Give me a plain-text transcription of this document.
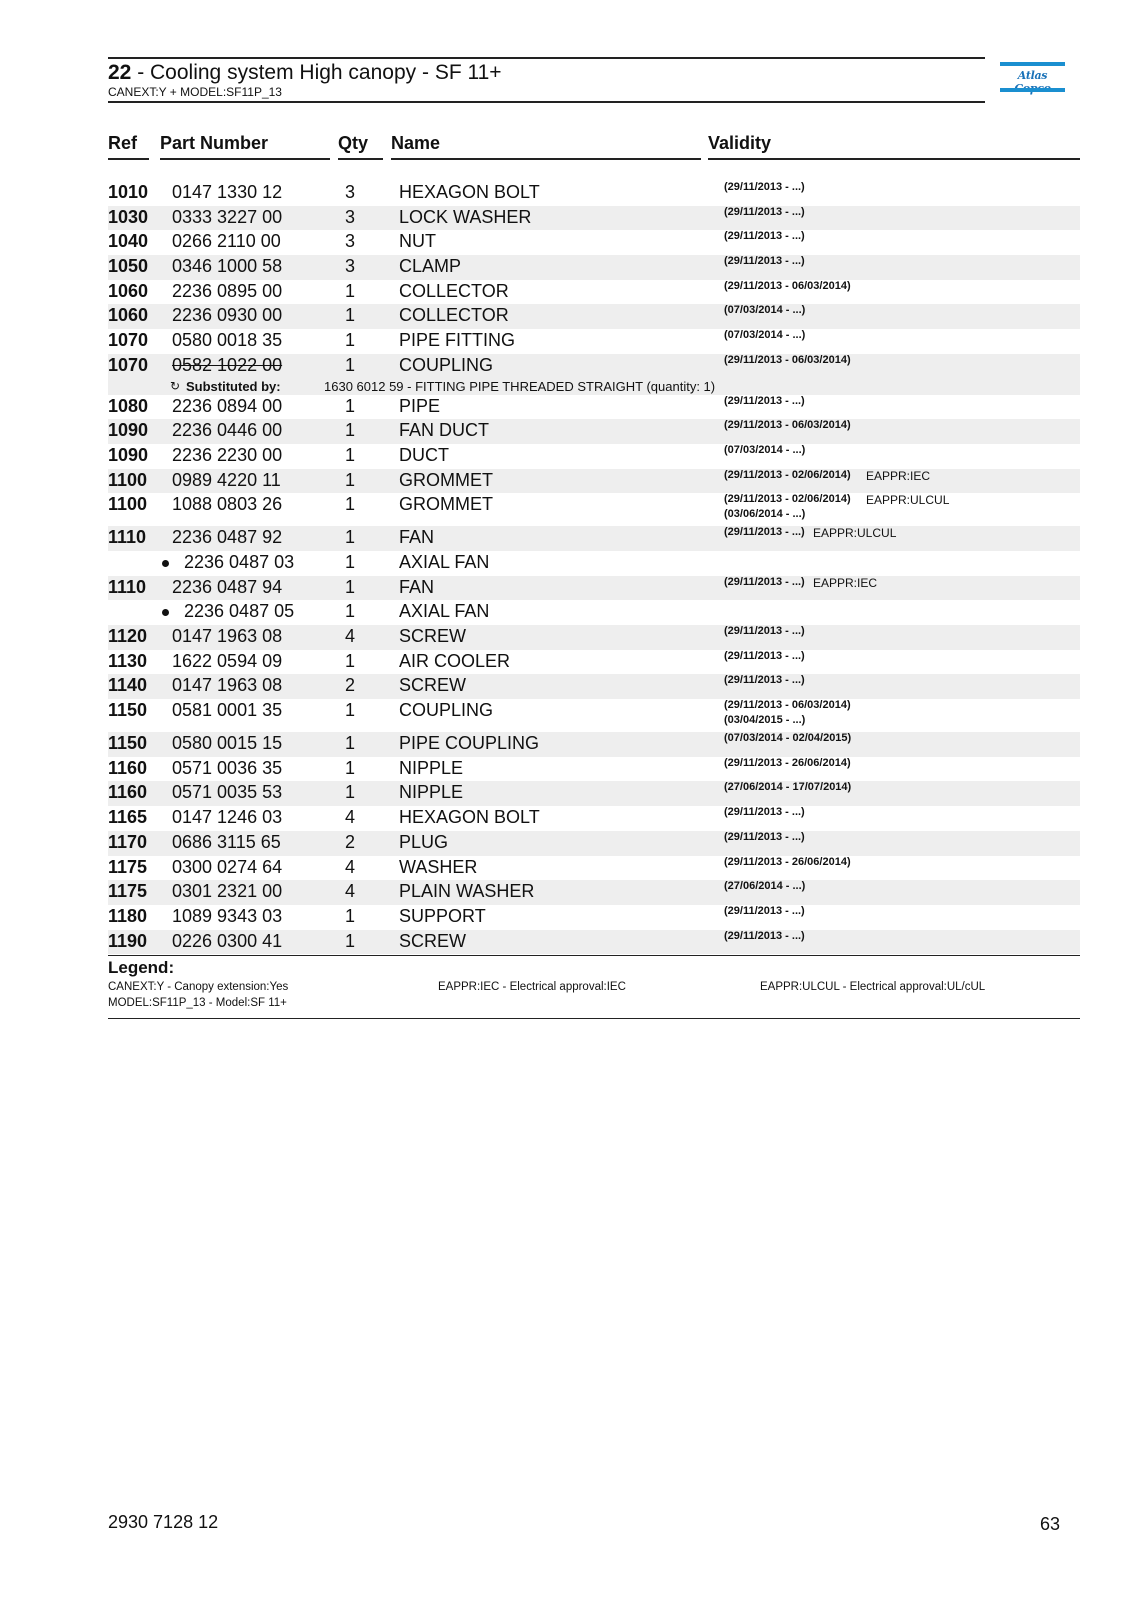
22 - Cooling system High canopy - SF 11+
CANEXT:Y + MODEL:SF11P_13
Atlas
Ref Part Number	Qty Name	Validity
1010 0147 1330 12	3 HEXAGON BOLT	(29/11/2013 - ...)
1030 0333 3227 00	3 LOCK WASHER	(29/11/2013 - ...)
1040 0266 2110 00	3 NUT	(29/11/2013 - ...)
1050 0346 1000 58	3 CLAMP	(29/11/2013 - ...)
1060 2236 0895 00	1 COLLECTOR	(29/11/2013 - 06/03/2014)
1060 2236 0930 00	1 COLLECTOR	(07/03/2014 - ...)
1070 0580 0018 35	1 PIPE FITTING	(07/03/2014 - ...)
1070 0582 1022 00	1 COUPLING	(29/11/2013 - 06/03/2014)
↻ Substituted by:	1630 6012 59 - FITTING PIPE THREADED STRAIGHT (quantity: 1)
1080 2236 0894 00	1 PIPE	(29/11/2013 - ...)
1090 2236 0446 00	1 FAN DUCT	(29/11/2013 - 06/03/2014)
1090 2236 2230 00	1 DUCT	(07/03/2014 - ...)
1100 0989 4220 11	1 GROMMET	(29/11/2013 - 02/06/2014) EAPPR:IEC
1100 1088 0803 26	1 GROMMET	(29/11/2013 - 02/06/2014) EAPPR:ULCUL
(03/06/2014 - ...)
1110 2236 0487 92	1 FAN	(29/11/2013 - ...) EAPPR:ULCUL
2236 0487 03	1 AXIAL FAN
1110 2236 0487 94	1 FAN	(29/11/2013 - ...) EAPPR:IEC
2236 0487 05	1 AXIAL FAN
1120 0147 1963 08	4 SCREW	(29/11/2013 - ...)
1130 1622 0594 09	1 AIR COOLER	(29/11/2013 - ...)
1140 0147 1963 08	2 SCREW	(29/11/2013 - ...)
1150 0581 0001 35	1 COUPLING	(29/11/2013 - 06/03/2014)
(03/04/2015 - ...)
1150 0580 0015 15	1 PIPE COUPLING	(07/03/2014 - 02/04/2015)
1160 0571 0036 35	1 NIPPLE	(29/11/2013 - 26/06/2014)
1160 0571 0035 53	1 NIPPLE	(27/06/2014 - 17/07/2014)
1165 0147 1246 03	4 HEXAGON BOLT	(29/11/2013 - ...)
1170 0686 3115 65	2 PLUG	(29/11/2013 - ...)
1175 0300 0274 64	4 WASHER	(29/11/2013 - 26/06/2014)
1175 0301 2321 00	4 PLAIN WASHER	(27/06/2014 - ...)
1180 1089 9343 03	1 SUPPORT	(29/11/2013 - ...)
1190 0226 0300 41	1 SCREW	(29/11/2013 - ...)
Legend:
CANEXT:Y - Canopy extension:Yes
MODEL:SF11P_13 - Model:SF 11+
EAPPR:IEC - Electrical approval:IEC	EAPPR:ULCUL - Electrical approval:UL/cUL
2930 7128 12	63
